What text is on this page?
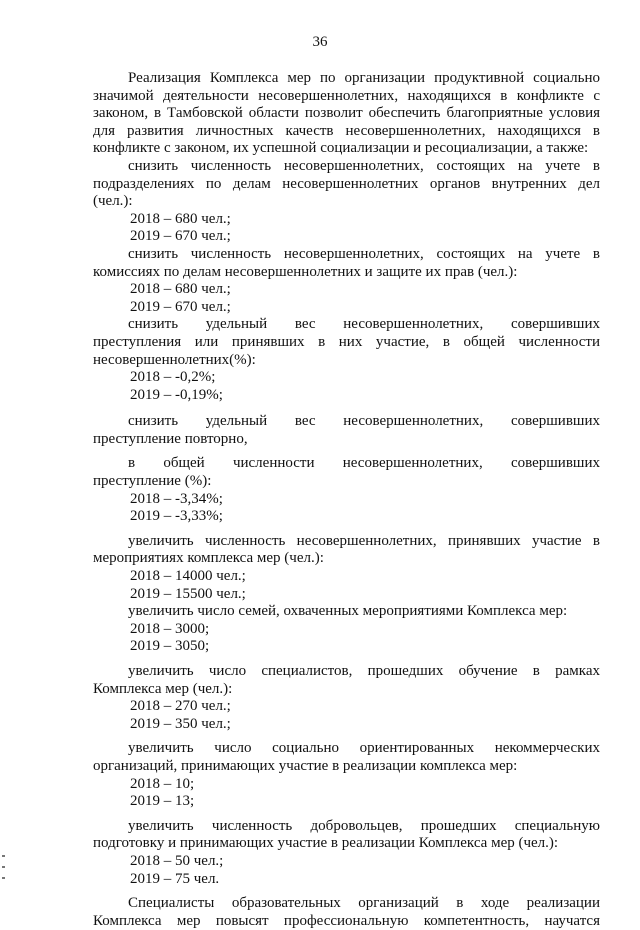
36
Реализация Комплекса мер по организации продуктивной социально
значимой деятельности несовершеннолетних, находящихся в конфликте с
законом, в Тамбовской области позволит обеспечить благоприятные условия
для развития личностных качеств несовершеннолетних, находящихся в
конфликте с законом, их успешной социализации и ресоциализации, а также:
снизить численность несовершеннолетних, состоящих на учете в
подразделениях по делам несовершеннолетних органов внутренних дел
(чел.):
2018 – 680 чел.;
2019 – 670 чел.;
снизить численность несовершеннолетних, состоящих на учете в
комиссиях по делам несовершеннолетних и защите их прав (чел.):
2018 – 680 чел.;
2019 – 670 чел.;
снизить удельный вес несовершеннолетних, совершивших
преступления или принявших в них участие, в общей численности
несовершеннолетних(%):
2018 – -0,2%;
2019 – -0,19%;
снизить удельный вес несовершеннолетних, совершивших
преступление повторно,
в общей численности несовершеннолетних, совершивших
преступление (%):
2018 – -3,34%;
2019 – -3,33%;
увеличить численность несовершеннолетних, принявших участие в
мероприятиях комплекса мер (чел.):
2018 – 14000 чел.;
2019 – 15500 чел.;
увеличить число семей, охваченных мероприятиями Комплекса мер:
2018 – 3000;
2019 – 3050;
увеличить число специалистов, прошедших обучение в рамках
Комплекса мер (чел.):
2018 – 270 чел.;
2019 – 350 чел.;
увеличить число социально ориентированных некоммерческих
организаций, принимающих участие в реализации комплекса мер:
2018 – 10;
2019 – 13;
увеличить численность добровольцев, прошедших специальную
подготовку и принимающих участие в реализации Комплекса мер (чел.):
2018 – 50 чел.;
2019 – 75 чел.
Специалисты образовательных организаций в ходе реализации
Комплекса мер повысят профессиональную компетентность, научатся
